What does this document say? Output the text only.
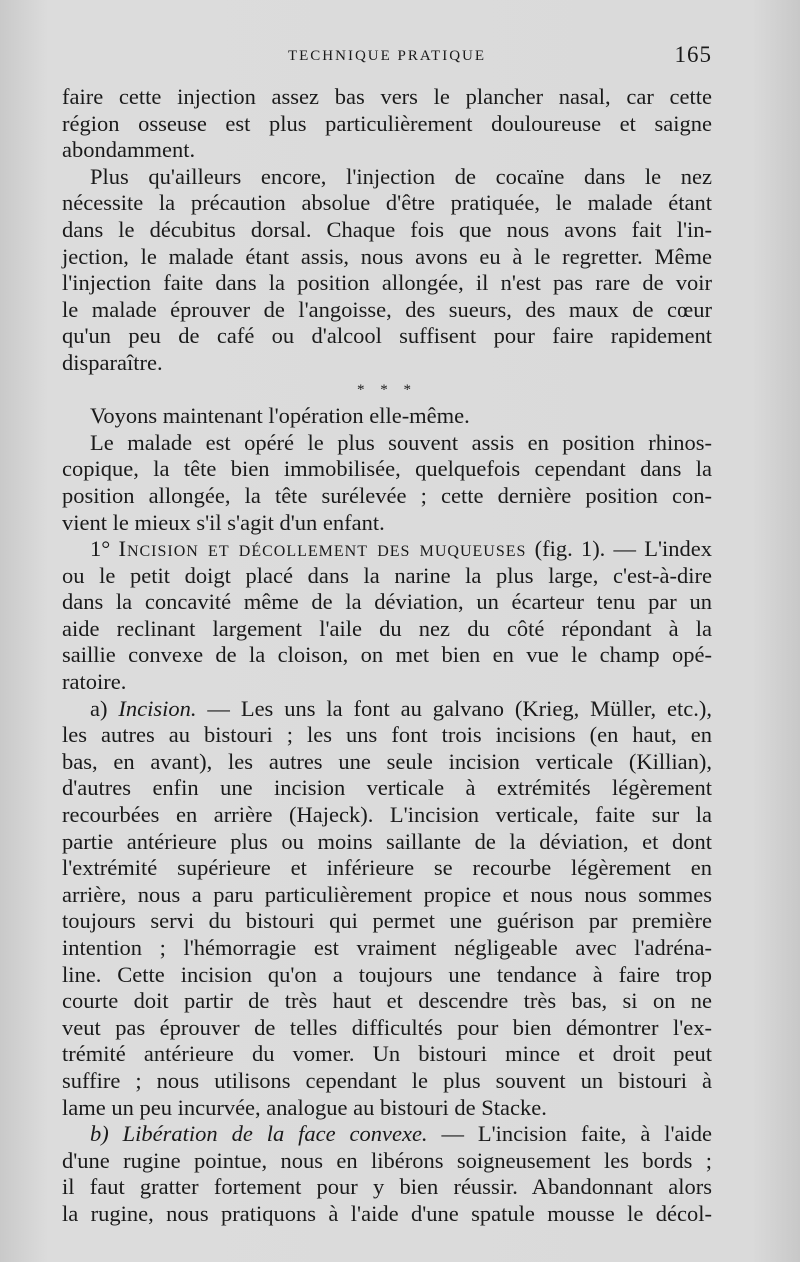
TECHNIQUE PRATIQUE	165
faire cette injection assez bas vers le plancher nasal, car cette
région osseuse est plus particulièrement douloureuse et saigne
abondamment.
Plus qu'ailleurs encore, l'injection de cocaïne dans le nez
nécessite la précaution absolue d'être pratiquée, le malade étant
dans le décubitus dorsal. Chaque fois que nous avons fait l'in-
jection, le malade étant assis, nous avons eu à le regretter. Même
l'injection faite dans la position allongée, il n'est pas rare de voir
le malade éprouver de l'angoisse, des sueurs, des maux de cœur
qu'un peu de café ou d'alcool suffisent pour faire rapidement
disparaître.
* * *
Voyons maintenant l'opération elle-même.
Le malade est opéré le plus souvent assis en position rhinos-
copique, la tête bien immobilisée, quelquefois cependant dans la
position allongée, la tête surélevée ; cette dernière position con-
vient le mieux s'il s'agit d'un enfant.
1° Incision et décollement des muqueuses (fig. 1). — L'index
ou le petit doigt placé dans la narine la plus large, c'est-à-dire
dans la concavité même de la déviation, un écarteur tenu par un
aide reclinant largement l'aile du nez du côté répondant à la
saillie convexe de la cloison, on met bien en vue le champ opé-
ratoire.
a) Incision. — Les uns la font au galvano (Krieg, Müller, etc.),
les autres au bistouri ; les uns font trois incisions (en haut, en
bas, en avant), les autres une seule incision verticale (Killian),
d'autres enfin une incision verticale à extrémités légèrement
recourbées en arrière (Hajeck). L'incision verticale, faite sur la
partie antérieure plus ou moins saillante de la déviation, et dont
l'extrémité supérieure et inférieure se recourbe légèrement en
arrière, nous a paru particulièrement propice et nous nous sommes
toujours servi du bistouri qui permet une guérison par première
intention ; l'hémorragie est vraiment négligeable avec l'adréna-
line. Cette incision qu'on a toujours une tendance à faire trop
courte doit partir de très haut et descendre très bas, si on ne
veut pas éprouver de telles difficultés pour bien démontrer l'ex-
trémité antérieure du vomer. Un bistouri mince et droit peut
suffire ; nous utilisons cependant le plus souvent un bistouri à
lame un peu incurvée, analogue au bistouri de Stacke.
b) Libération de la face convexe. — L'incision faite, à l'aide
d'une rugine pointue, nous en libérons soigneusement les bords ;
il faut gratter fortement pour y bien réussir. Abandonnant alors
la rugine, nous pratiquons à l'aide d'une spatule mousse le décol-
